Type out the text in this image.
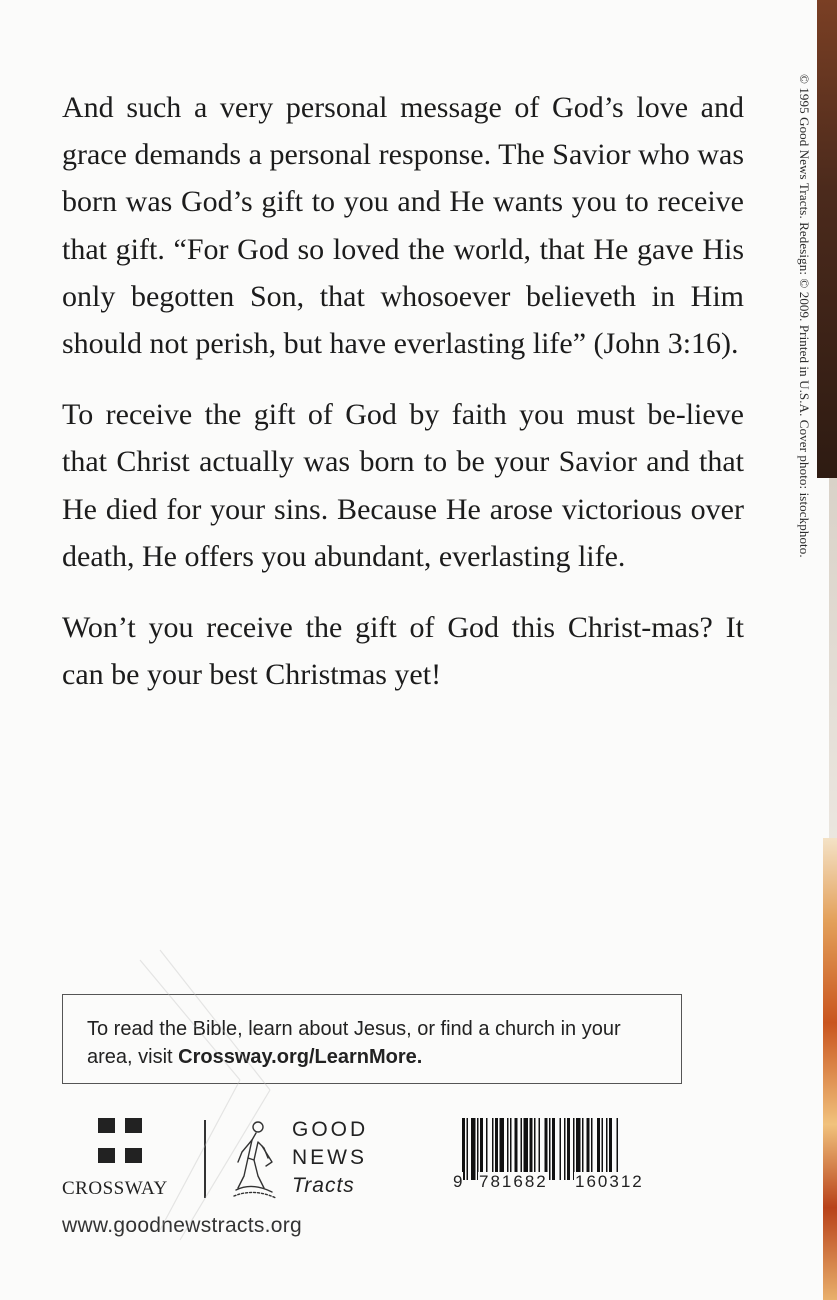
© 1995 Good News Tracts. Redesign: © 2009. Printed in U.S.A. Cover photo: istockphoto.

And such a very personal message of God’s love and grace demands a personal response. The Savior who was born was God’s gift to you and He wants you to receive that gift. “For God so loved the world, that He gave His only begotten Son, that whosoever believeth in Him should not perish, but have everlasting life” (John 3:16).

To receive the gift of God by faith you must be-lieve that Christ actually was born to be your Savior and that He died for your sins. Because He arose victorious over death, He offers you abundant, everlasting life.

Won’t you receive the gift of God this Christ-mas? It can be your best Christmas yet!

To read the Bible, learn about Jesus, or find a church in your area, visit Crossway.org/LearnMore.
CROSSWAY
GOOD
NEWS
Tracts	9 781682 160312
www.goodnewstracts.org
